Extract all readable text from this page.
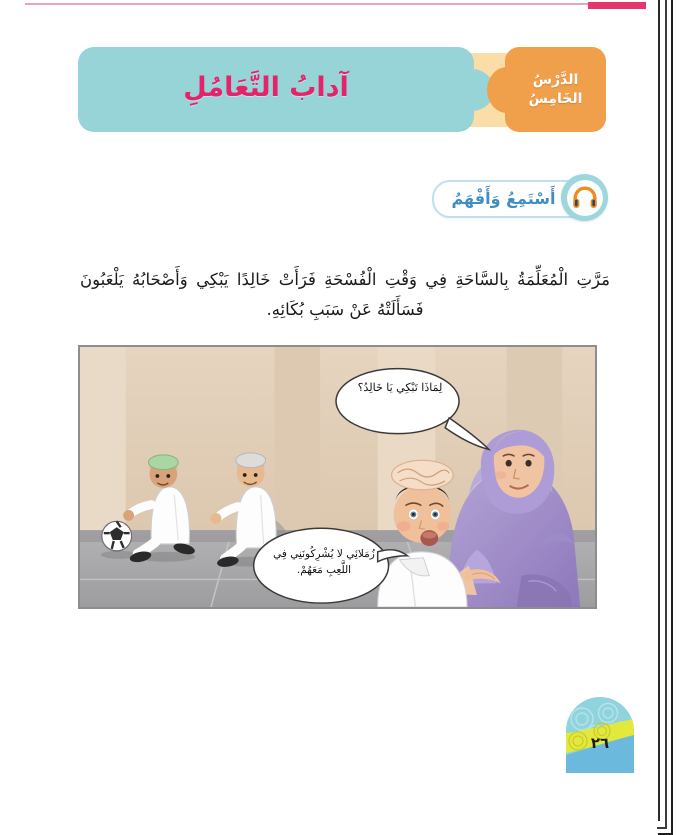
آدابُ التَّعَامُلِ	الدَّرْسُ
الخَامِسُ
أَسْتَمِعُ وَأَفْهَمُ

مَرَّتِ الْمُعَلِّمَةُ بِالسَّاحَةِ فِي وَقْتِ الْفُسْحَةِ فَرَأَتْ خَالِدًا يَبْكِي وَأَصْحَابُهُ يَلْعَبُونَ فَسَأَلَتْهُ عَنْ سَبَبِ بُكَائِهِ.

لِمَاذَا تَبْكِي يَا خَالِدُ؟
زُمَلائِي لا يُشْرِكُونَنِي فِي
اللَّعِبِ مَعَهُمْ.
٢٦
